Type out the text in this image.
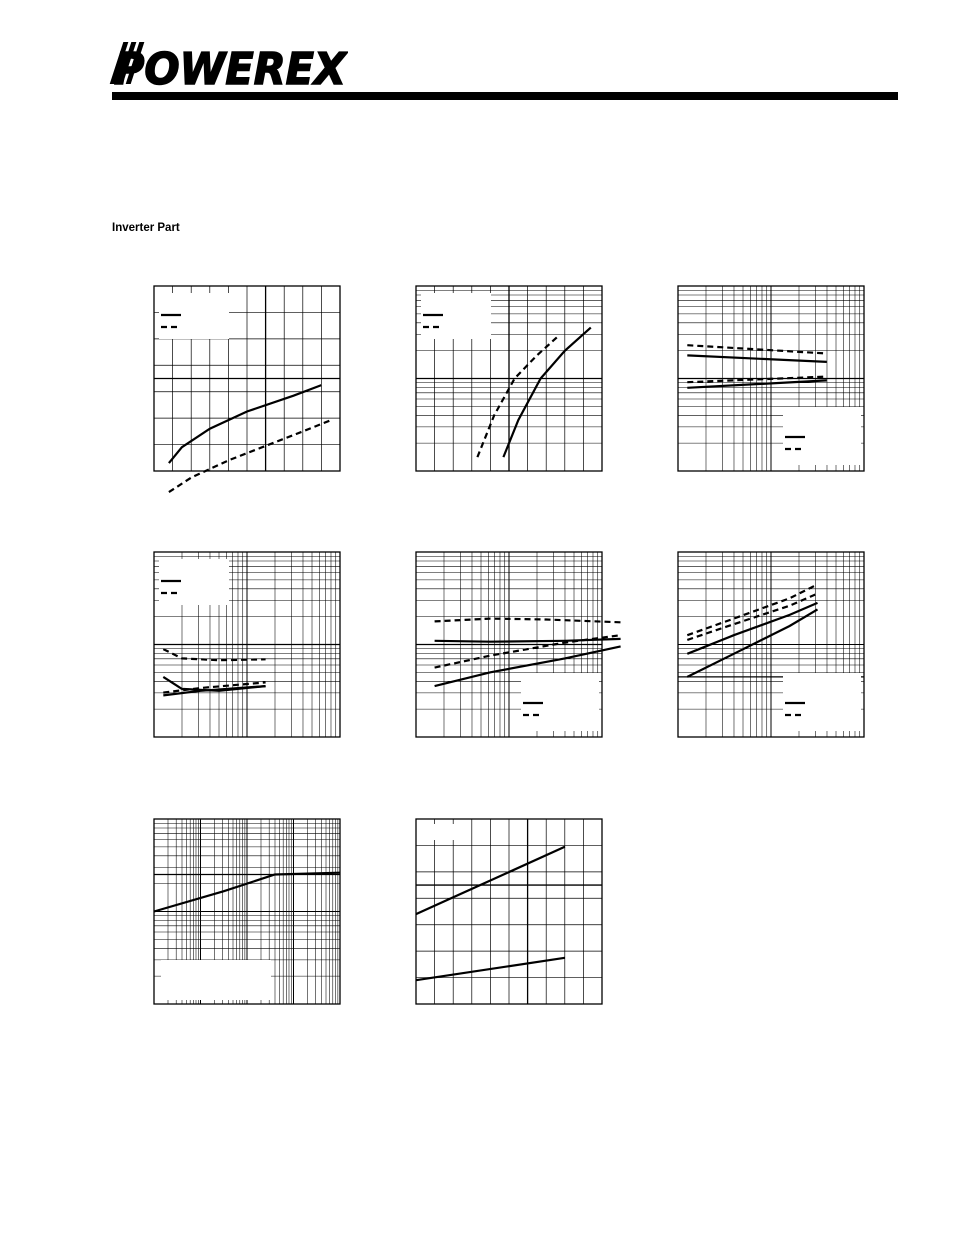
POWEREX
Inverter Part
